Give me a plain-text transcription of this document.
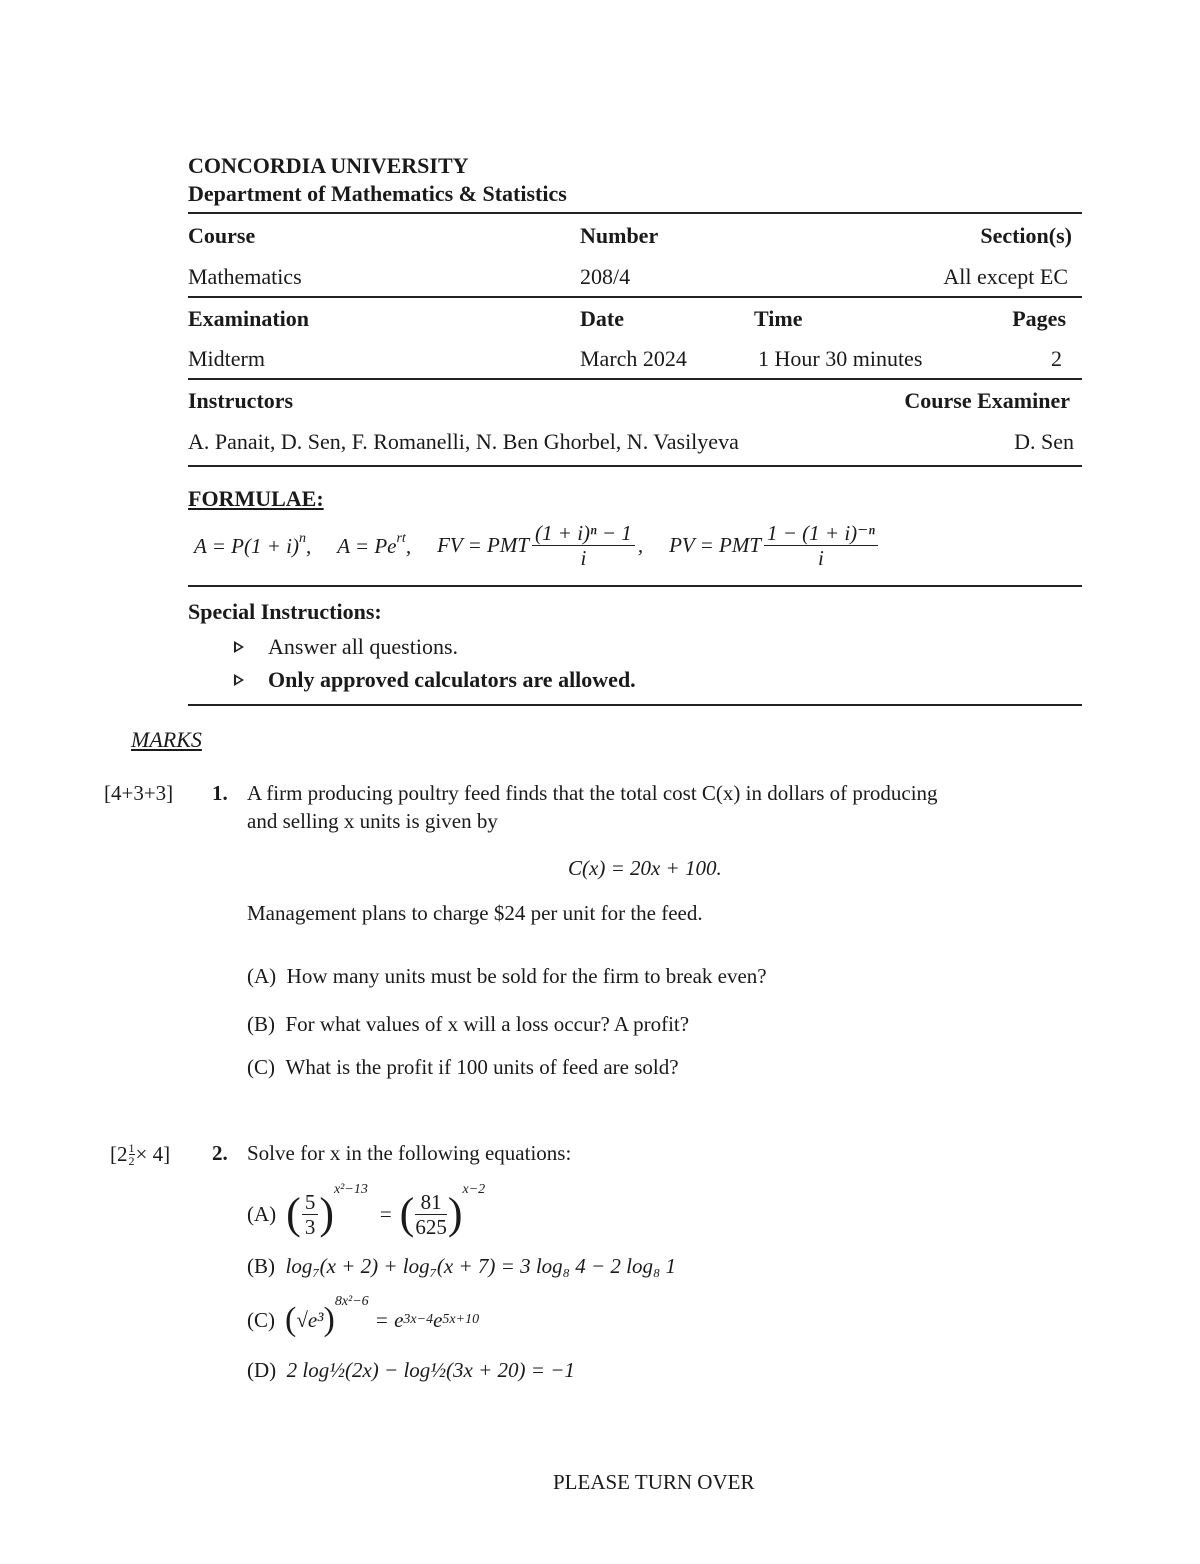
CONCORDIA UNIVERSITY
Department of Mathematics & Statistics
Course	Number	Section(s)
Mathematics	208/4	All except EC
Examination	Date	Time	Pages
Midterm	March 2024	1 Hour 30 minutes	2
Instructors	Course Examiner
A. Panait, D. Sen, F. Romanelli, N. Ben Ghorbel, N. Vasilyeva	D. Sen
FORMULAE:
$A = P(1 + i)^n$, $A = Pe^{rt}$, FV = PMT $\frac{\text{(1 + i)ⁿ − 1}}{i}$ , PV = PMT $\frac{\text{1 − (1 + i)⁻ⁿ}}{i}$
Special Instructions:
Answer all questions.
Only approved calculators are allowed.
MARKS
[4+3+3] 1. A firm producing poultry feed finds that the total cost C(x) in dollars of producing
and selling x units is given by
C(x) = 20x + 100.
Management plans to charge $24 per unit for the feed.
(A) How many units must be sold for the firm to break even?
(B) For what values of x will a loss occur? A profit?
(C) What is the profit if 100 units of feed are sold?
$[2 \frac{1}{2} \times 4]$ 2. Solve for x in the following equations:
(A) ( $\frac{5}{3}$ ) x²−13
= ( $\frac{81}{625}$ ) x−2
(B) log₇(x + 2) + log₇(x + 7) = 3 log₈ 4 − 2 log₈ 1
(C) ( √e³ ) 8x²−6
= e 3x−4 e 5x+10
(D) 2 log½(2x) − log½(3x + 20) = −1
PLEASE TURN OVER
